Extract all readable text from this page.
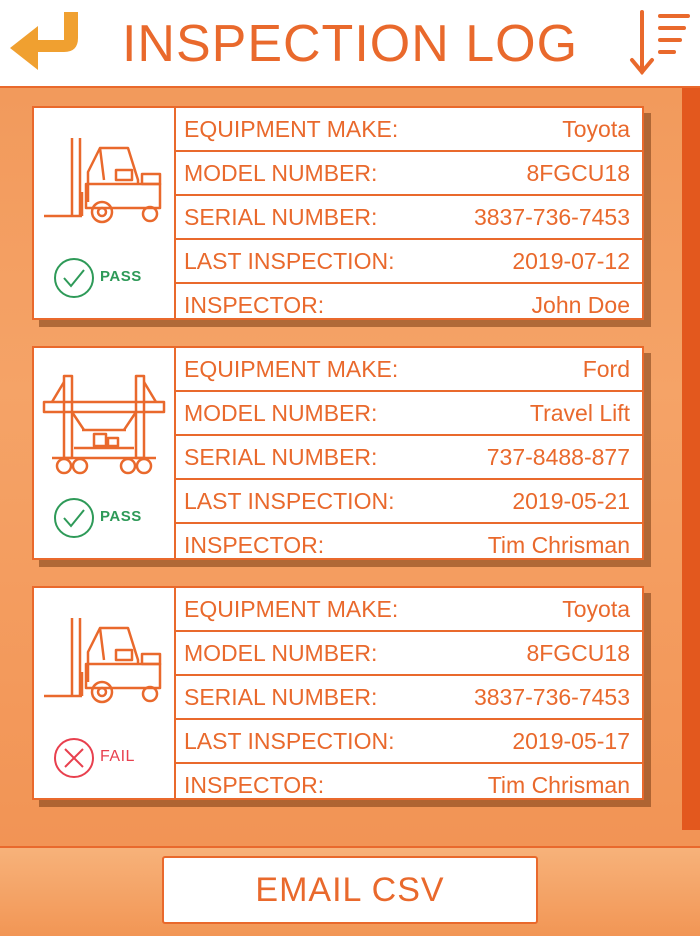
INSPECTION LOG
PASS
EQUIPMENT MAKE:	Toyota
MODEL NUMBER:	8FGCU18
SERIAL NUMBER:	3837-736-7453
LAST INSPECTION:	2019-07-12
INSPECTOR:	John Doe
PASS
EQUIPMENT MAKE:	Ford
MODEL NUMBER:	Travel Lift
SERIAL NUMBER:	737-8488-877
LAST INSPECTION:	2019-05-21
INSPECTOR:	Tim Chrisman
FAIL
EQUIPMENT MAKE:	Toyota
MODEL NUMBER:	8FGCU18
SERIAL NUMBER:	3837-736-7453
LAST INSPECTION:	2019-05-17
INSPECTOR:	Tim Chrisman
EMAIL CSV
